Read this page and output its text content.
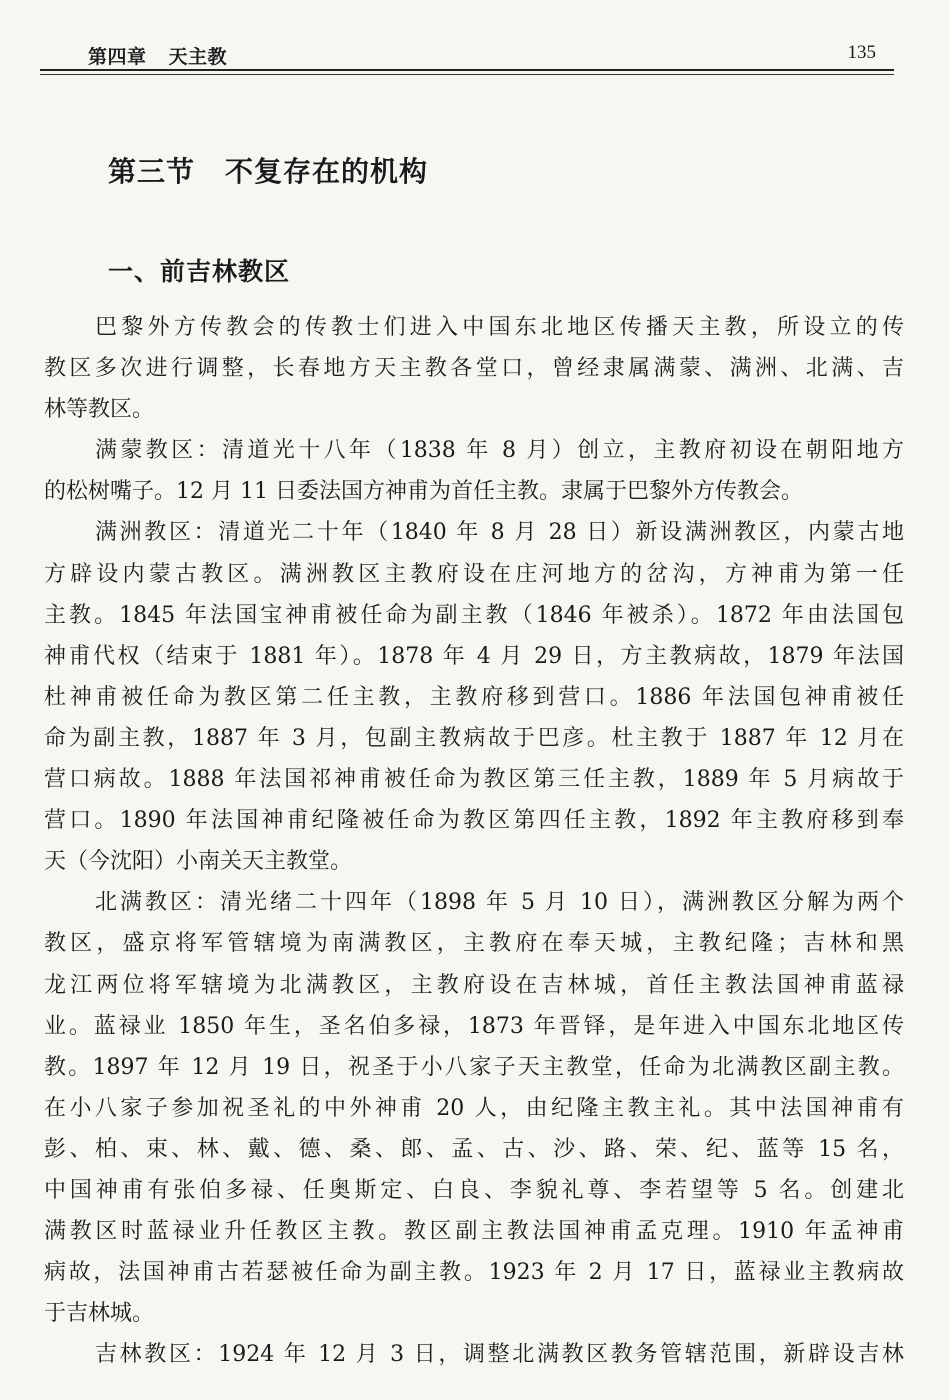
第四章 天主教	135
第三节 不复存在的机构
一、前吉林教区
巴黎外方传教会的传教士们进入中国东北地区传播天主教，所设立的传
教区多次进行调整，长春地方天主教各堂口，曾经隶属满蒙、满洲、北满、吉
林等教区。
满蒙教区：清道光十八年（1838 年 8 月）创立，主教府初设在朝阳地方
的松树嘴子。12 月 11 日委法国方神甫为首任主教。隶属于巴黎外方传教会。
满洲教区：清道光二十年（1840 年 8 月 28 日）新设满洲教区，内蒙古地
方辟设内蒙古教区。满洲教区主教府设在庄河地方的岔沟，方神甫为第一任
主教。1845 年法国宝神甫被任命为副主教（1846 年被杀）。1872 年由法国包
神甫代权（结束于 1881 年）。1878 年 4 月 29 日，方主教病故，1879 年法国
杜神甫被任命为教区第二任主教，主教府移到营口。1886 年法国包神甫被任
命为副主教，1887 年 3 月，包副主教病故于巴彦。杜主教于 1887 年 12 月在
营口病故。1888 年法国祁神甫被任命为教区第三任主教，1889 年 5 月病故于
营口。1890 年法国神甫纪隆被任命为教区第四任主教，1892 年主教府移到奉
天（今沈阳）小南关天主教堂。
北满教区：清光绪二十四年（1898 年 5 月 10 日），满洲教区分解为两个
教区，盛京将军管辖境为南满教区，主教府在奉天城，主教纪隆；吉林和黑
龙江两位将军辖境为北满教区，主教府设在吉林城，首任主教法国神甫蓝禄
业。蓝禄业 1850 年生，圣名伯多禄，1873 年晋铎，是年进入中国东北地区传
教。1897 年 12 月 19 日，祝圣于小八家子天主教堂，任命为北满教区副主教。
在小八家子参加祝圣礼的中外神甫 20 人，由纪隆主教主礼。其中法国神甫有
彭、柏、束、林、戴、德、桑、郎、孟、古、沙、路、荣、纪、蓝等 15 名，
中国神甫有张伯多禄、任奥斯定、白良、李貌礼尊、李若望等 5 名。创建北
满教区时蓝禄业升任教区主教。教区副主教法国神甫孟克理。1910 年孟神甫
病故，法国神甫古若瑟被任命为副主教。1923 年 2 月 17 日，蓝禄业主教病故
于吉林城。
吉林教区：1924 年 12 月 3 日，调整北满教区教务管辖范围，新辟设吉林
